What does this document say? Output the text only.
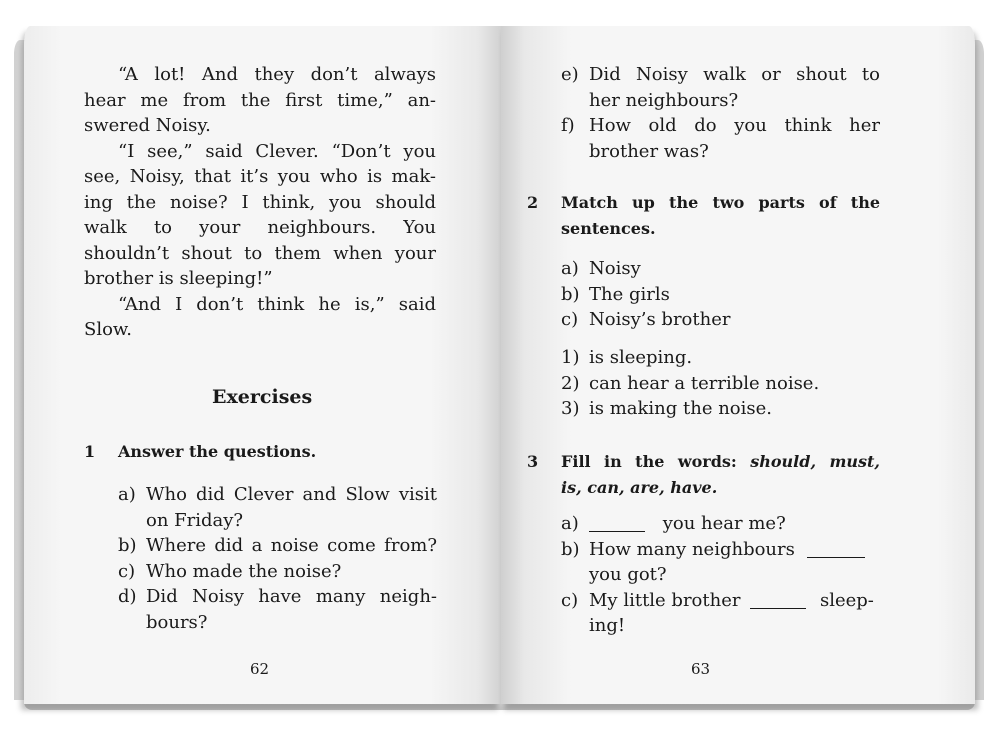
“A lot! And they don’t always
hear me from the first time,” an-
swered Noisy.
“I see,” said Clever. “Don’t you
see, Noisy, that it’s you who is mak-
ing the noise? I think, you should
walk to your neighbours. You
shouldn’t shout to them when your
brother is sleeping!”
“And I don’t think he is,” said
Slow.
Exercises
1 Answer the questions.
a) Who did Clever and Slow visit
on Friday?
b) Where did a noise come from?
c) Who made the noise?
d) Did Noisy have many neigh-
bours?
62
e) Did Noisy walk or shout to
her neighbours?
f) How old do you think her
brother was?
2 Match up the two parts of the
sentences.
a) Noisy
b) The girls
c) Noisy’s brother
1) is sleeping.
2) can hear a terrible noise.
3) is making the noise.
3 Fill in the words: should, must,
is, can, are, have.
a)	you hear me?
b) How many neighbours
you got?
c) My little brother	sleep-
ing!
63
